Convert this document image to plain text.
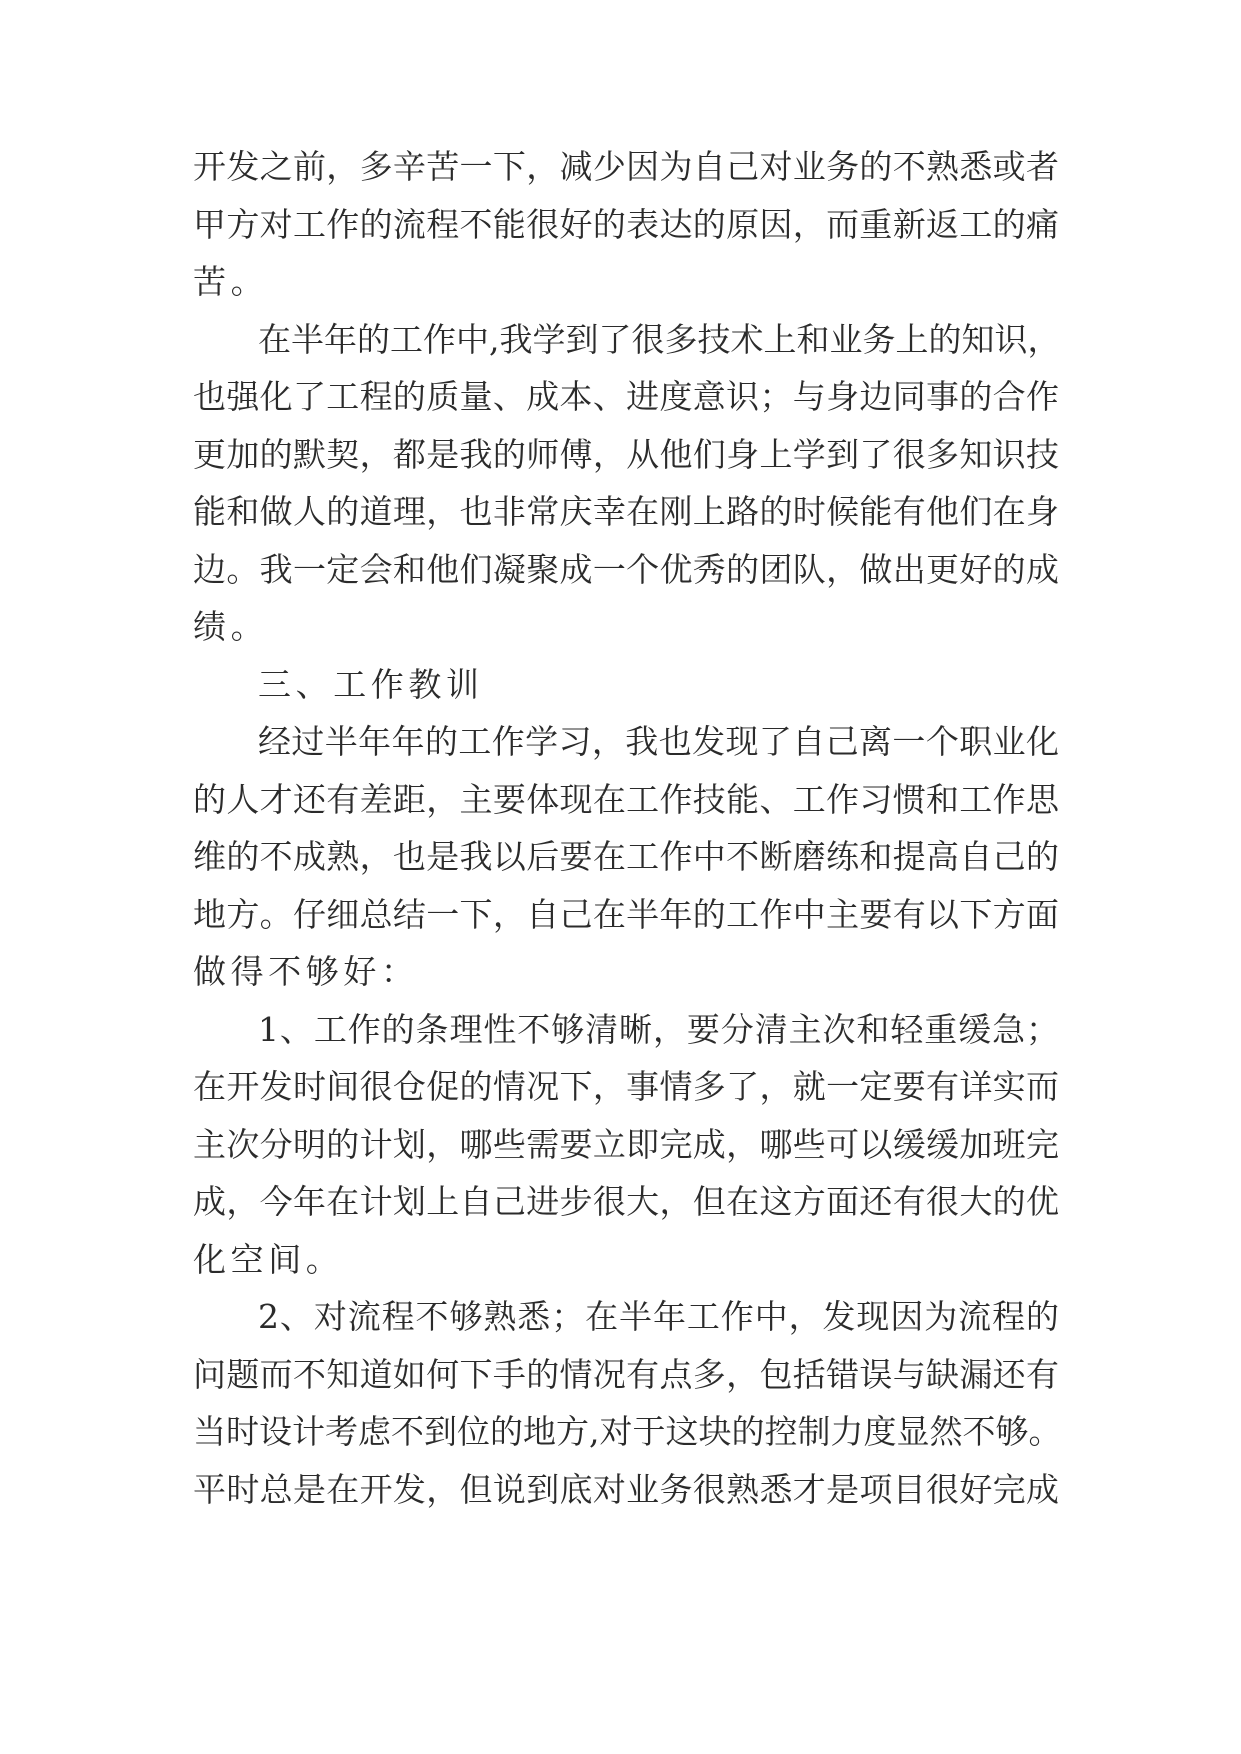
开发之前，多辛苦一下，减少因为自己对业务的不熟悉或者
甲方对工作的流程不能很好的表达的原因，而重新返工的痛
苦。
在半年的工作中,我学到了很多技术上和业务上的知识，
也强化了工程的质量、成本、进度意识；与身边同事的合作
更加的默契，都是我的师傅，从他们身上学到了很多知识技
能和做人的道理，也非常庆幸在刚上路的时候能有他们在身
边。我一定会和他们凝聚成一个优秀的团队，做出更好的成
绩。
三、工作教训
经过半年年的工作学习，我也发现了自己离一个职业化
的人才还有差距，主要体现在工作技能、工作习惯和工作思
维的不成熟，也是我以后要在工作中不断磨练和提高自己的
地方。仔细总结一下，自己在半年的工作中主要有以下方面
做得不够好：
1、工作的条理性不够清晰，要分清主次和轻重缓急；
在开发时间很仓促的情况下，事情多了，就一定要有详实而
主次分明的计划，哪些需要立即完成，哪些可以缓缓加班完
成，今年在计划上自己进步很大，但在这方面还有很大的优
化空间。
2、对流程不够熟悉；在半年工作中，发现因为流程的
问题而不知道如何下手的情况有点多，包括错误与缺漏还有
当时设计考虑不到位的地方,对于这块的控制力度显然不够。
平时总是在开发，但说到底对业务很熟悉才是项目很好完成
